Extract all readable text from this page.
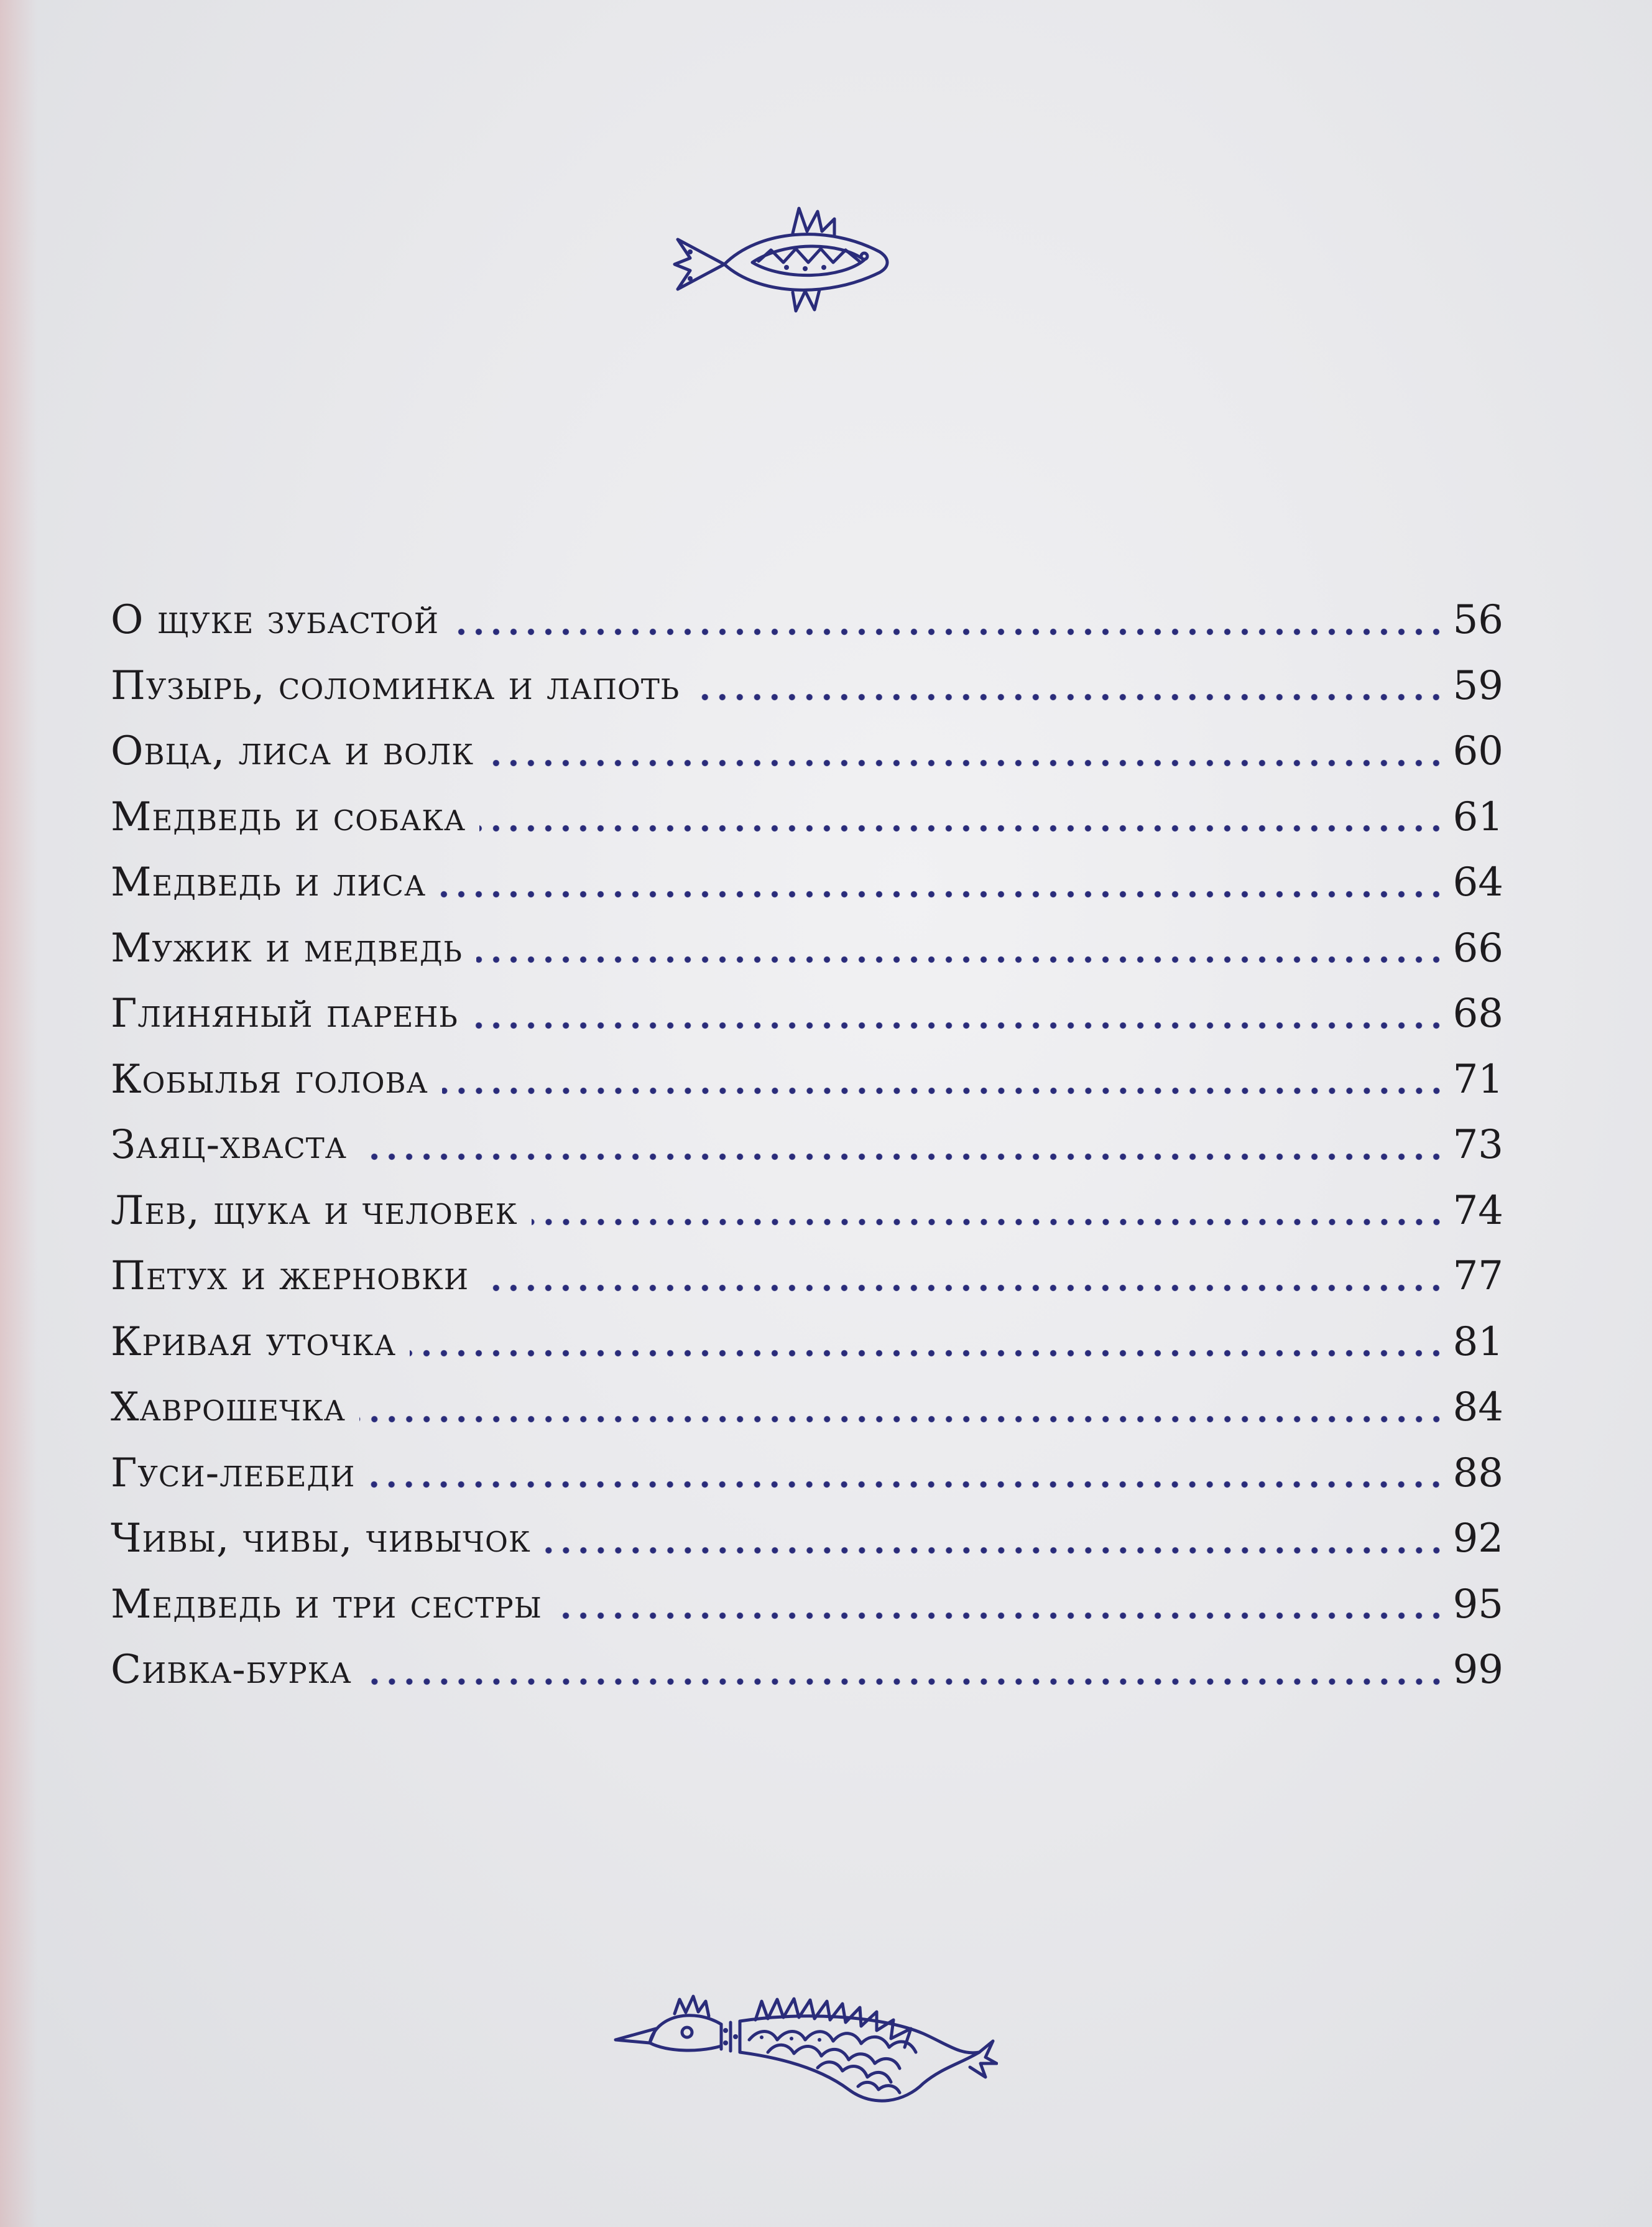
О щуке зубастой	56
Пузырь, соломинка и лапоть	59
Овца, лиса и волк	60
Медведь и собака	61
Медведь и лиса	64
Мужик и медведь	66
Глиняный парень	68
Кобылья голова	71
Заяц-хваста	73
Лев, щука и человек	74
Петух и жерновки	77
Кривая уточка	81
Хаврошечка	84
Гуси-лебеди	88
Чивы, чивы, чивычок	92
Медведь и три сестры	95
Сивка-бурка	99
